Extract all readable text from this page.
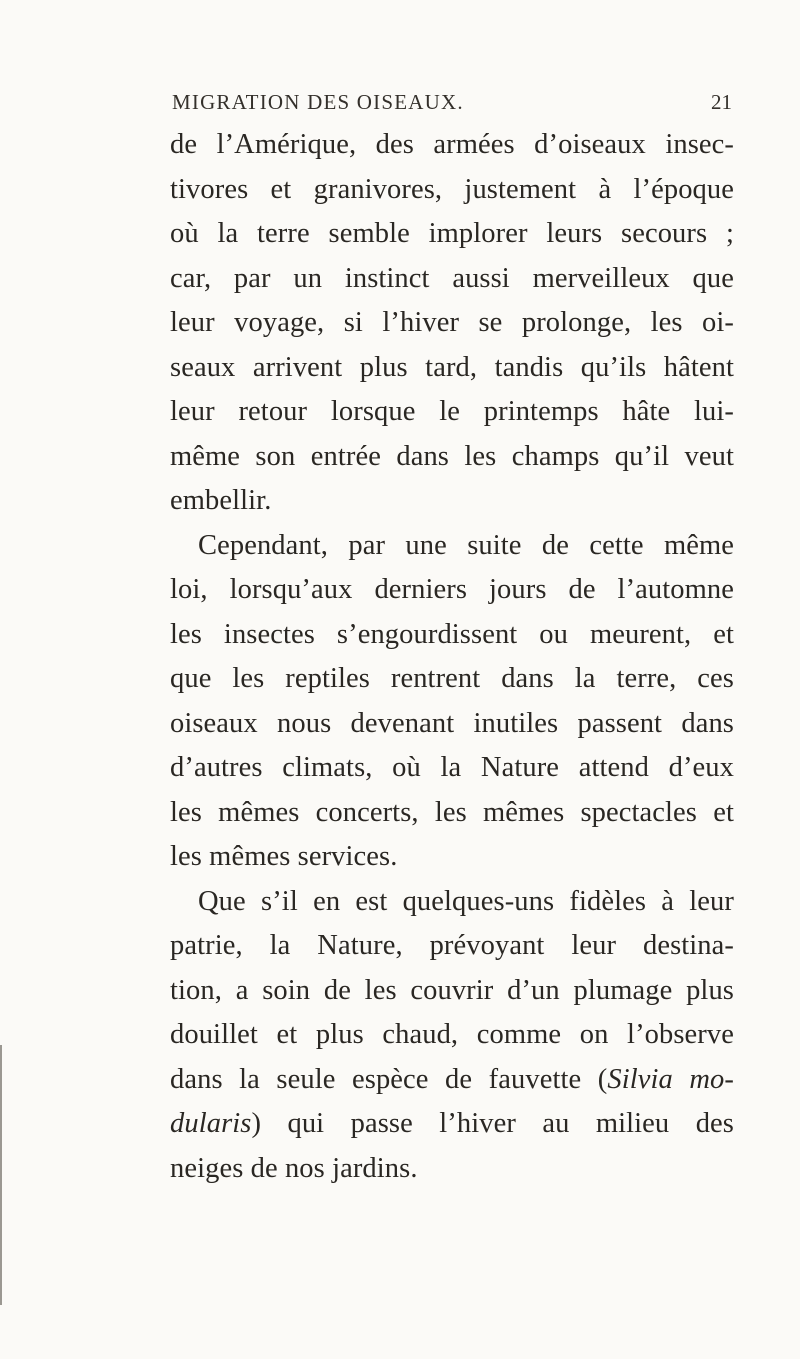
MIGRATION DES OISEAUX.	21
de l’Amérique, des armées d’oiseaux insec-
tivores et granivores, justement à l’époque
où la terre semble implorer leurs secours ;
car, par un instinct aussi merveilleux que
leur voyage, si l’hiver se prolonge, les oi-
seaux arrivent plus tard, tandis qu’ils hâtent
leur retour lorsque le printemps hâte lui-
même son entrée dans les champs qu’il veut
embellir.
Cependant, par une suite de cette même
loi, lorsqu’aux derniers jours de l’automne
les insectes s’engourdissent ou meurent, et
que les reptiles rentrent dans la terre, ces
oiseaux nous devenant inutiles passent dans
d’autres climats, où la Nature attend d’eux
les mêmes concerts, les mêmes spectacles et
les mêmes services.
Que s’il en est quelques-uns fidèles à leur
patrie, la Nature, prévoyant leur destina-
tion, a soin de les couvrir d’un plumage plus
douillet et plus chaud, comme on l’observe
dans la seule espèce de fauvette (Silvia mo-
dularis) qui passe l’hiver au milieu des
neiges de nos jardins.
